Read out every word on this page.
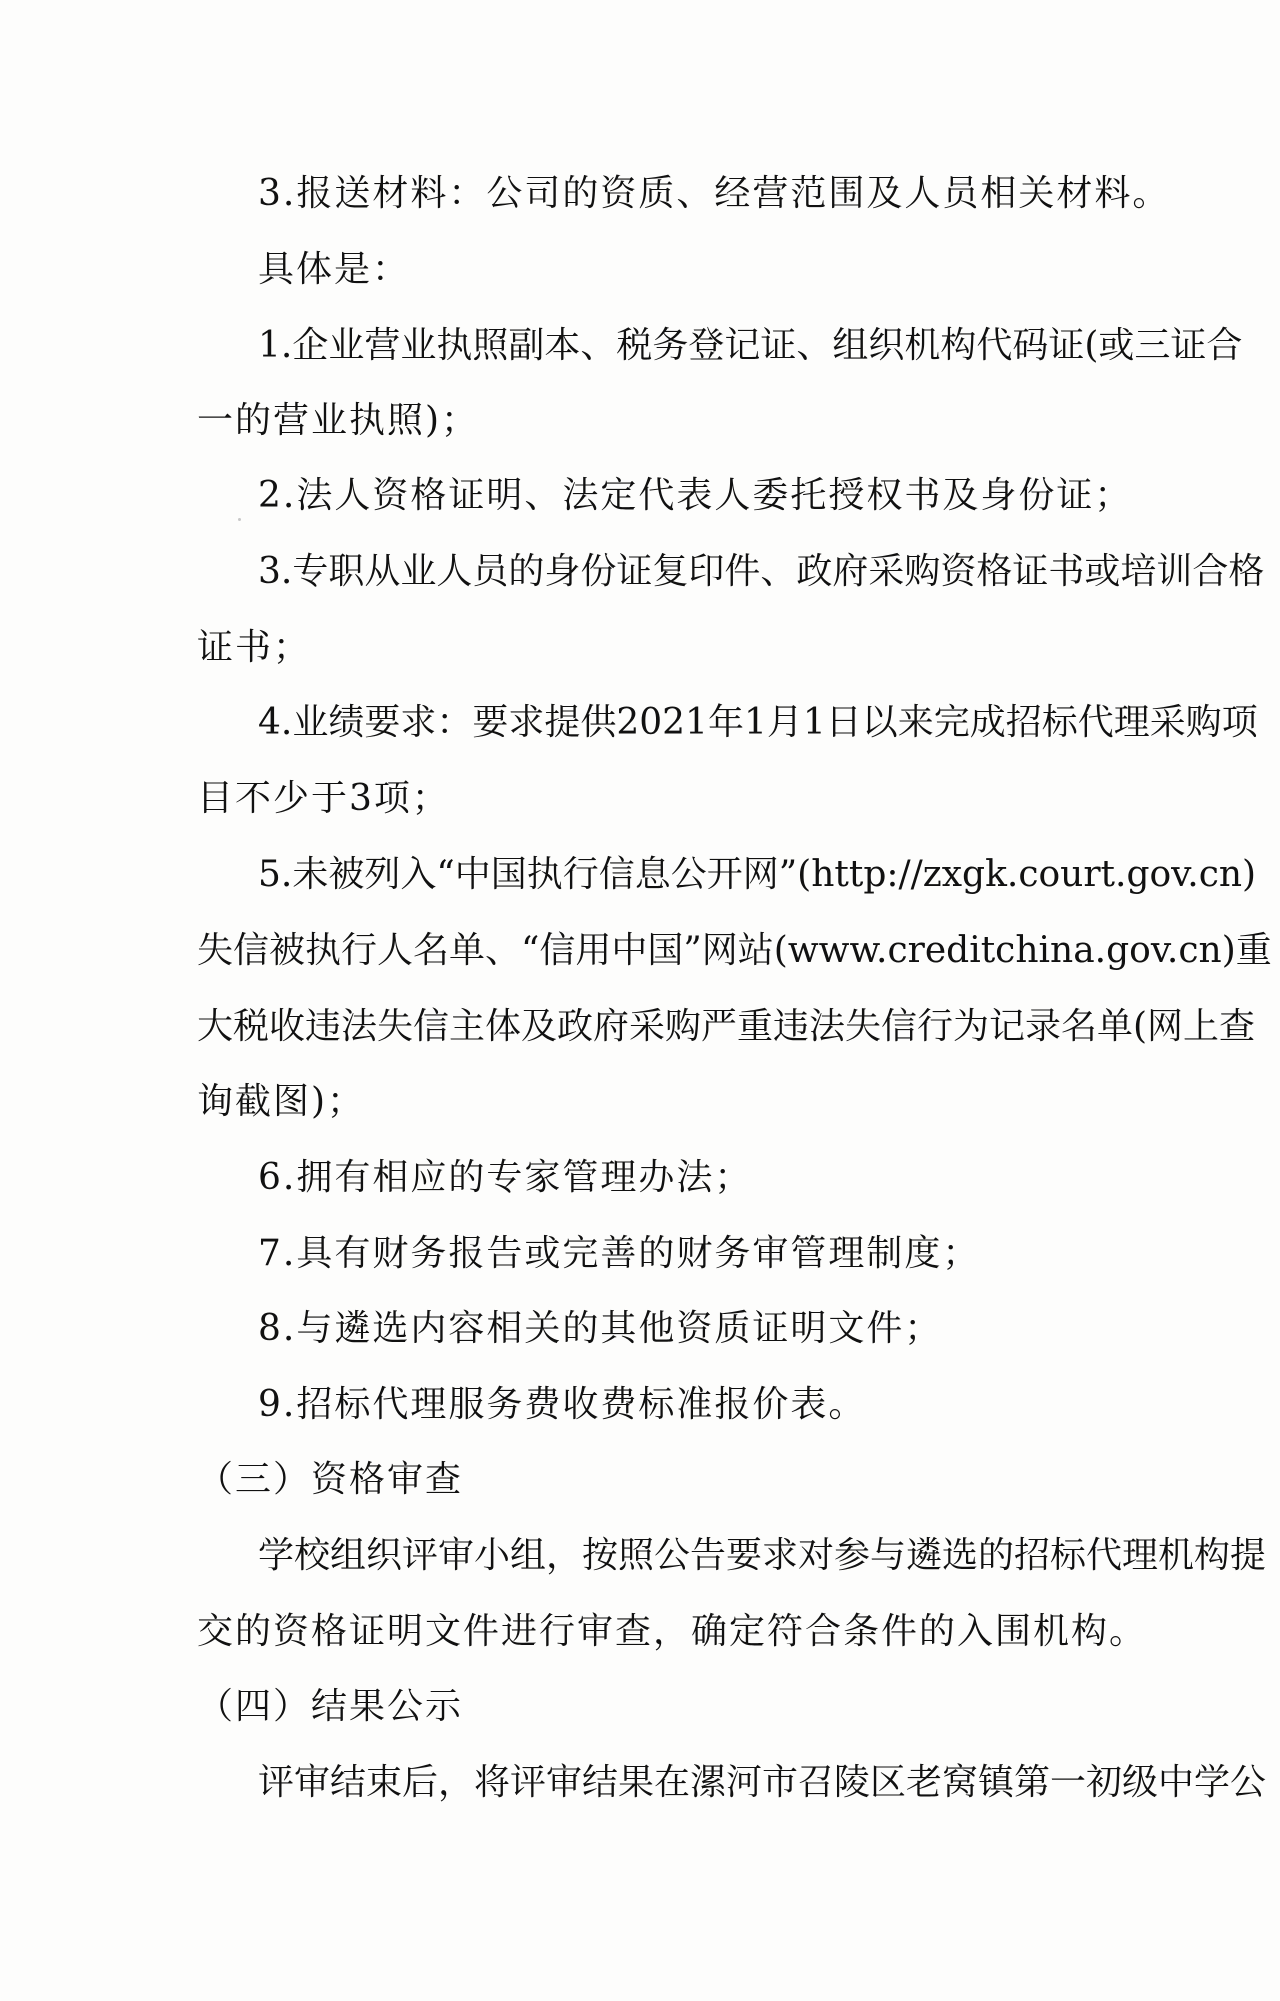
3.报送材料：公司的资质、经营范围及人员相关材料。
具体是：
1.企业营业执照副本、税务登记证、组织机构代码证(或三证合
一的营业执照)；
2.法人资格证明、法定代表人委托授权书及身份证；
3.专职从业人员的身份证复印件、政府采购资格证书或培训合格
证书；
4.业绩要求：要求提供2021年1月1日以来完成招标代理采购项
目不少于3项；
5.未被列入“中国执行信息公开网”(http://zxgk.court.gov.cn)
失信被执行人名单、“信用中国”网站(www.creditchina.gov.cn)重
大税收违法失信主体及政府采购严重违法失信行为记录名单(网上查
询截图)；
6.拥有相应的专家管理办法；
7.具有财务报告或完善的财务审管理制度；
8.与遴选内容相关的其他资质证明文件；
9.招标代理服务费收费标准报价表。
（三）资格审查
学校组织评审小组，按照公告要求对参与遴选的招标代理机构提
交的资格证明文件进行审查，确定符合条件的入围机构。
（四）结果公示
评审结束后，将评审结果在漯河市召陵区老窝镇第一初级中学公
